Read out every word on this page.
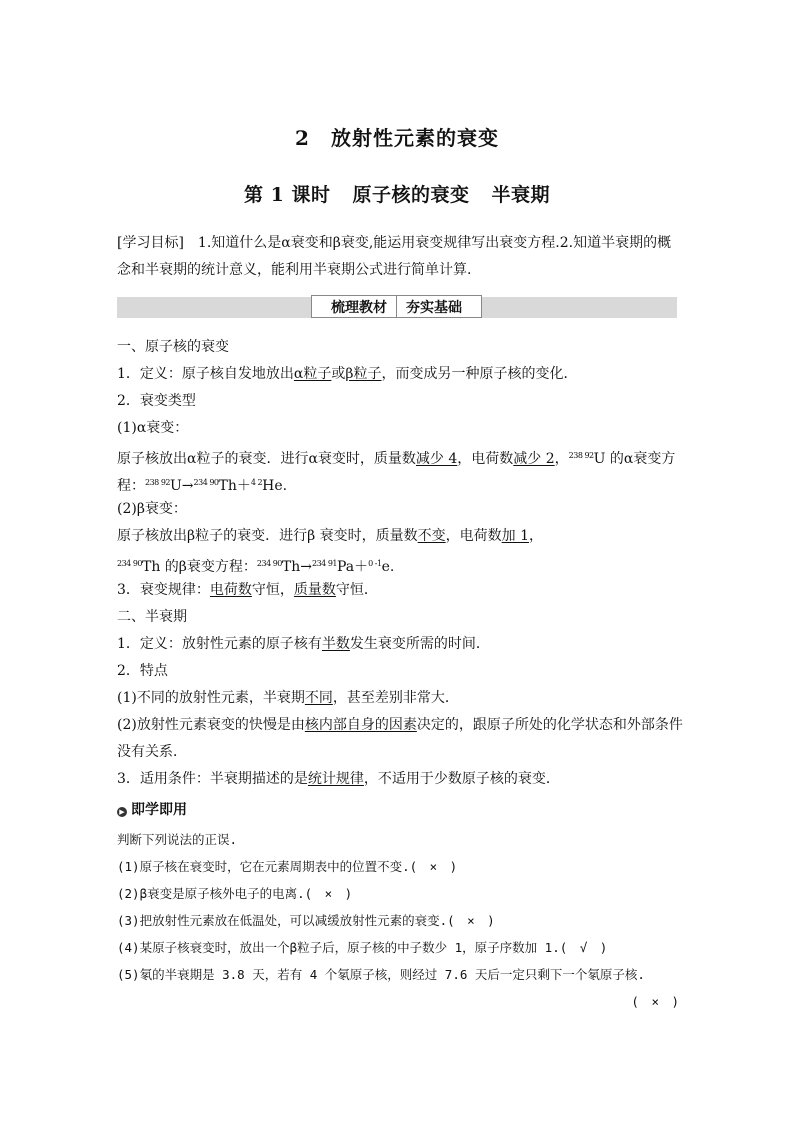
2　放射性元素的衰变
第 1 课时 原子核的衰变 半衰期
[学习目标]　1.知道什么是α衰变和β衰变,能运用衰变规律写出衰变方程.2.知道半衰期的概念和半衰期的统计意义，能利用半衰期公式进行简单计算.
梳理教材 夯实基础
一、原子核的衰变
1．定义：原子核自发地放出α粒子或β粒子，而变成另一种原子核的变化．
2．衰变类型
(1)α衰变：
原子核放出α粒子的衰变．进行α衰变时，质量数减少 4，电荷数减少 2，$^{238 92}$U 的α衰变方
程：$^{238 92}$U→$^{234 90}$Th＋$^{4 2}$He.
(2)β衰变：
原子核放出β粒子的衰变．进行β 衰变时，质量数不变，电荷数加 1，
$^{234 90}$Th 的β衰变方程：$^{234 90}$Th→$^{234 91}$Pa＋$^{0 -1}$e.
3．衰变规律：电荷数守恒，质量数守恒．
二、半衰期
1．定义：放射性元素的原子核有半数发生衰变所需的时间．
2．特点
(1)不同的放射性元素，半衰期不同，甚至差别非常大．
(2)放射性元素衰变的快慢是由核内部自身的因素决定的，跟原子所处的化学状态和外部条件
没有关系．
3．适用条件：半衰期描述的是统计规律，不适用于少数原子核的衰变．
▶ 即学即用
判断下列说法的正误.
(1)原子核在衰变时，它在元素周期表中的位置不变.(　×　)
(2)β衰变是原子核外电子的电离.(　×　)
(3)把放射性元素放在低温处，可以减缓放射性元素的衰变.(　×　)
(4)某原子核衰变时，放出一个β粒子后，原子核的中子数少 1，原子序数加 1.(　√　)
(5)氡的半衰期是 3.8 天，若有 4 个氡原子核，则经过 7.6 天后一定只剩下一个氡原子核.
(　×　)
